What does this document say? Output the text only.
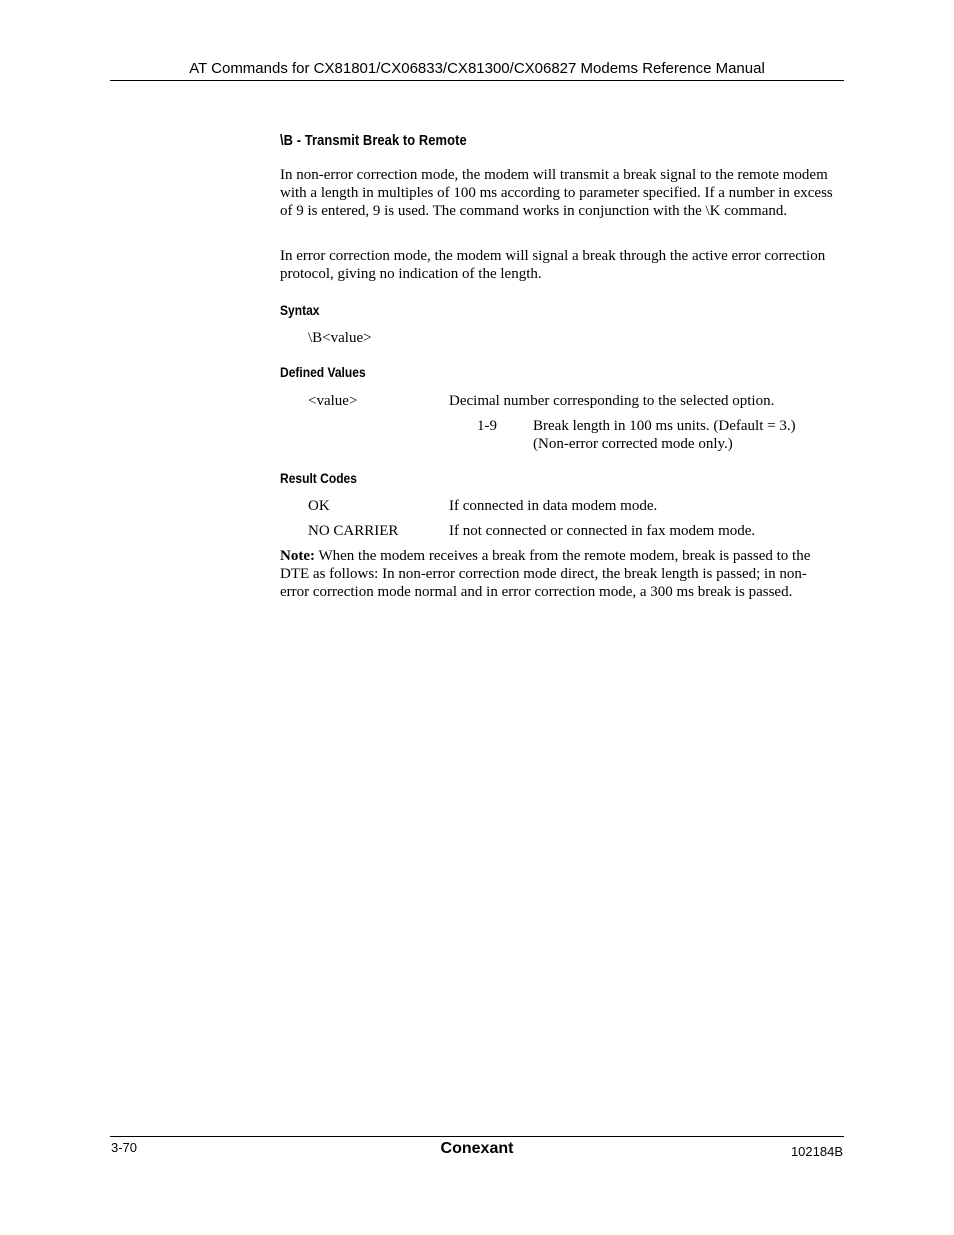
AT Commands for CX81801/CX06833/CX81300/CX06827 Modems Reference Manual
\B - Transmit Break to Remote
In non-error correction mode, the modem will transmit a break signal to the remote modem with a length in multiples of 100 ms according to parameter specified. If a number in excess of 9 is entered, 9 is used. The command works in conjunction with the \K command.
In error correction mode, the modem will signal a break through the active error correction protocol, giving no indication of the length.
Syntax
\B<value>
Defined Values
<value>	Decimal number corresponding to the selected option.
1-9 Break length in 100 ms units. (Default = 3.)
(Non-error corrected mode only.)
Result Codes
OK	If connected in data modem mode.
NO CARRIER	If not connected or connected in fax modem mode.
Note: When the modem receives a break from the remote modem, break is passed to the DTE as follows: In non-error correction mode direct, the break length is passed; in non-error correction mode normal and in error correction mode, a 300 ms break is passed.
3-70	Conexant	102184B
